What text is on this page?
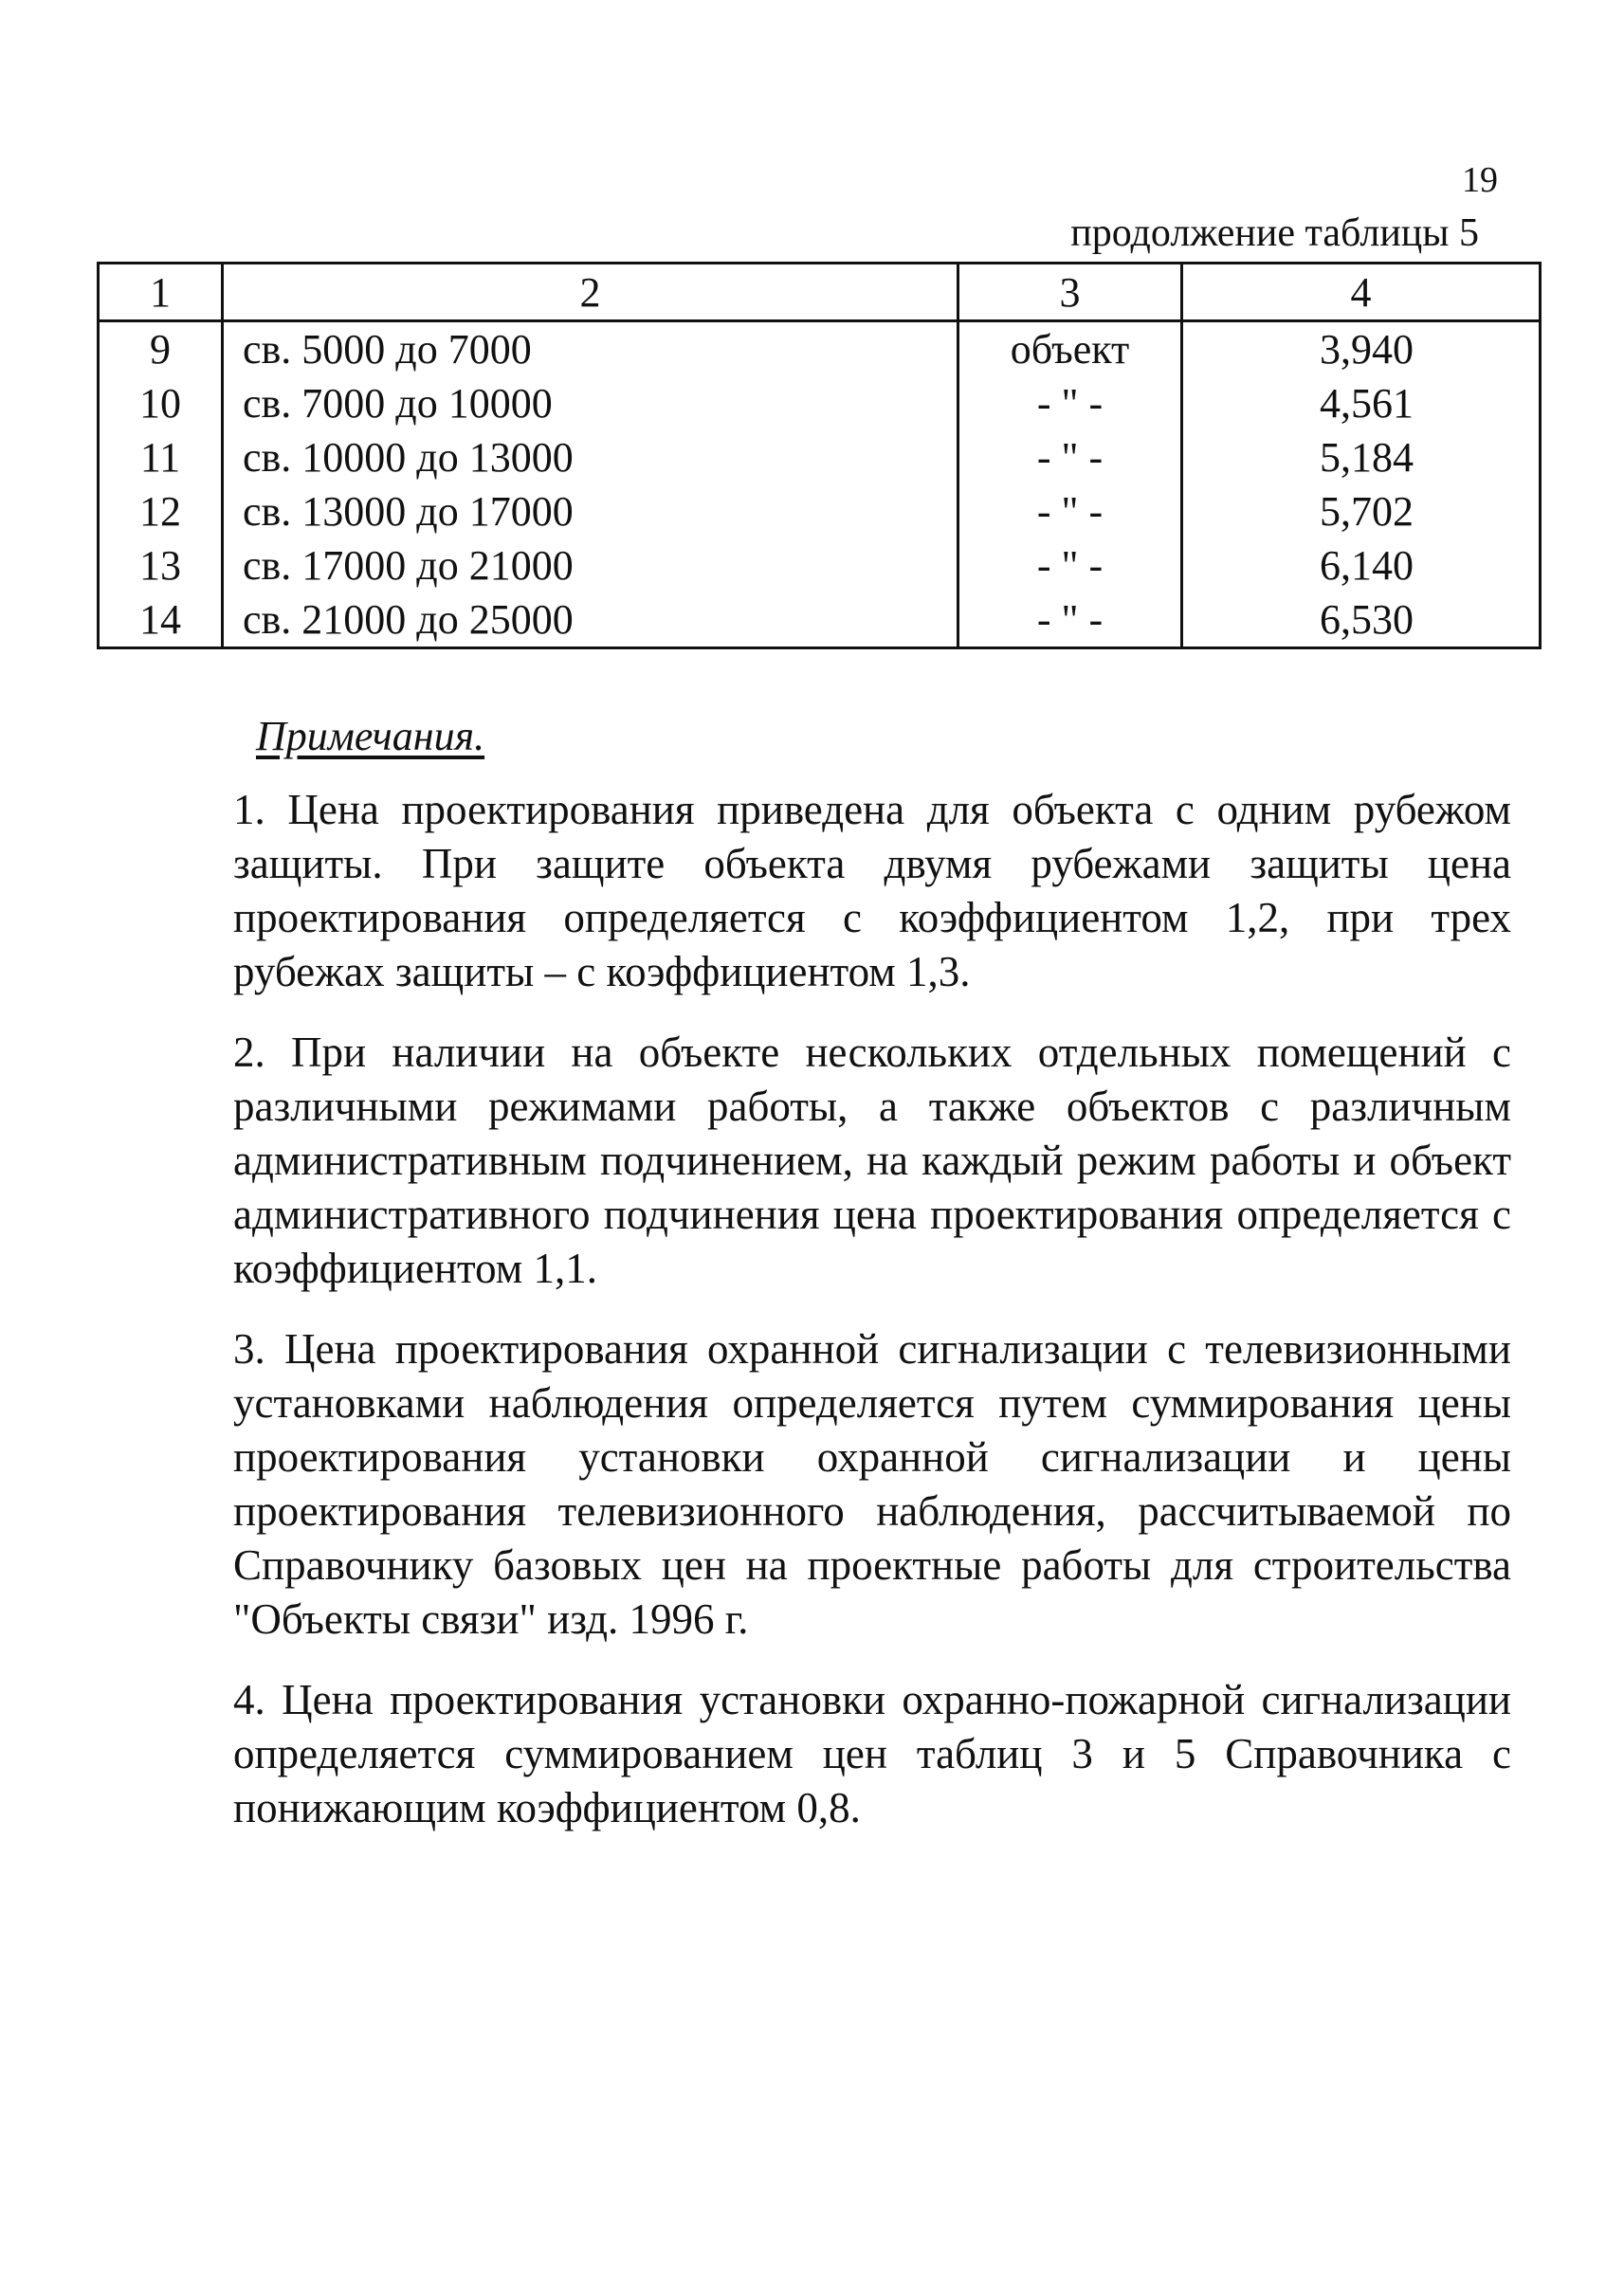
19
продолжение таблицы 5
1	2	3	4
9	св. 5000 до 7000	объект	3,940
10	св. 7000 до 10000	- " -	4,561
11	св. 10000 до 13000	- " -	5,184
12	св. 13000 до 17000	- " -	5,702
13	св. 17000 до 21000	- " -	6,140
14	св. 21000 до 25000	- " -	6,530
Примечания.

1. Цена проектирования приведена для объекта с одним рубежом защиты. При защите объекта двумя рубежами защиты цена проектирования определяется с коэффициентом 1,2, при трех рубежах защиты – с коэффициентом 1,3.

2. При наличии на объекте нескольких отдельных помещений с различными режимами работы, а также объектов с различным административным подчинением, на каждый режим работы и объект административного подчинения цена проектирования определяется с коэффициентом 1,1.

3. Цена проектирования охранной сигнализации с телевизионными установками наблюдения определяется путем суммирования цены проектирования установки охранной сигнализации и цены проектирования телевизионного наблюдения, рассчитываемой по Справочнику базовых цен на проектные работы для строительства "Объекты связи" изд. 1996 г.

4. Цена проектирования установки охранно-пожарной сигнализации определяется суммированием цен таблиц 3 и 5 Справочника с понижающим коэффициентом 0,8.
